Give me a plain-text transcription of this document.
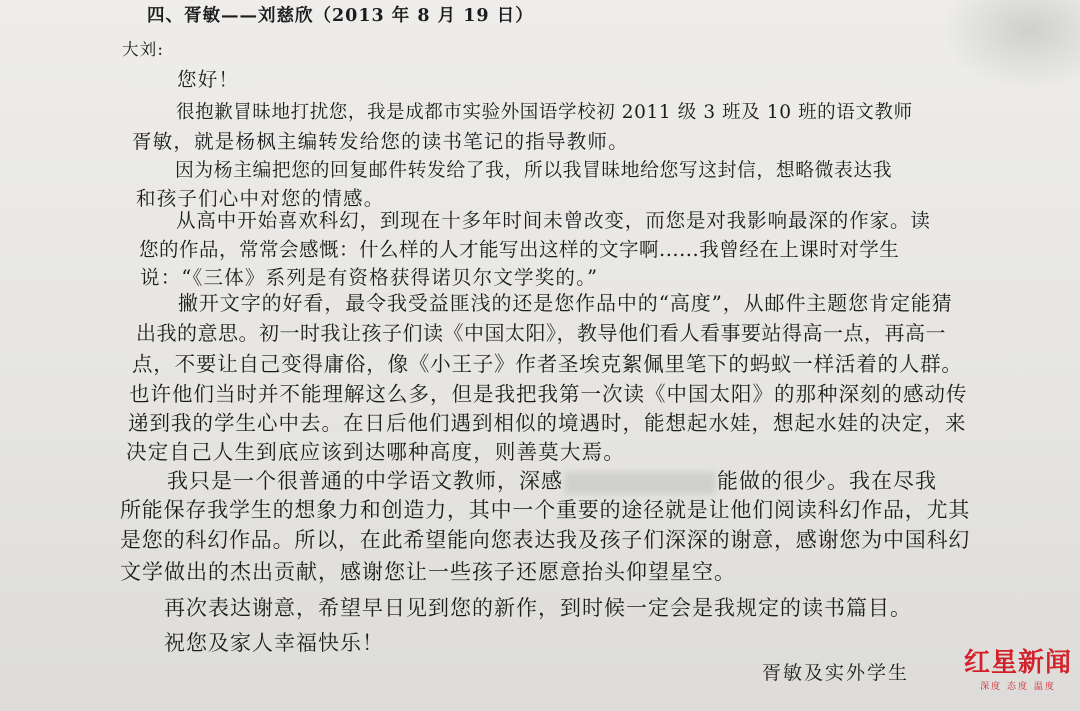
四、胥敏——刘慈欣（2013 年 8 月 19 日）
大刘:
您好！
很抱歉冒昧地打扰您，我是成都市实验外国语学校初 2011 级 3 班及 10 班的语文教师
胥敏，就是杨枫主编转发给您的读书笔记的指导教师。
因为杨主编把您的回复邮件转发给了我，所以我冒昧地给您写这封信，想略微表达我
和孩子们心中对您的情感。
从高中开始喜欢科幻，到现在十多年时间未曾改变，而您是对我影响最深的作家。读
您的作品，常常会感慨：什么样的人才能写出这样的文字啊......我曾经在上课时对学生
说：“《三体》系列是有资格获得诺贝尔文学奖的。”
撇开文字的好看，最令我受益匪浅的还是您作品中的“高度”，从邮件主题您肯定能猜
出我的意思。初一时我让孩子们读《中国太阳》，教导他们看人看事要站得高一点，再高一
点，不要让自己变得庸俗，像《小王子》作者圣埃克絮佩里笔下的蚂蚁一样活着的人群。
也许他们当时并不能理解这么多，但是我把我第一次读《中国太阳》的那种深刻的感动传
递到我的学生心中去。在日后他们遇到相似的境遇时，能想起水娃，想起水娃的决定，来
决定自己人生到底应该到达哪种高度，则善莫大焉。
我只是一个很普通的中学语文教师，深感	能做的很少。我在尽我
所能保存我学生的想象力和创造力，其中一个重要的途径就是让他们阅读科幻作品，尤其
是您的科幻作品。所以，在此希望能向您表达我及孩子们深深的谢意，感谢您为中国科幻
文学做出的杰出贡献，感谢您让一些孩子还愿意抬头仰望星空。
再次表达谢意，希望早日见到您的新作，到时候一定会是我规定的读书篇目。
祝您及家人幸福快乐！
胥敏及实外学生 红星新闻
深度 态度 温度
